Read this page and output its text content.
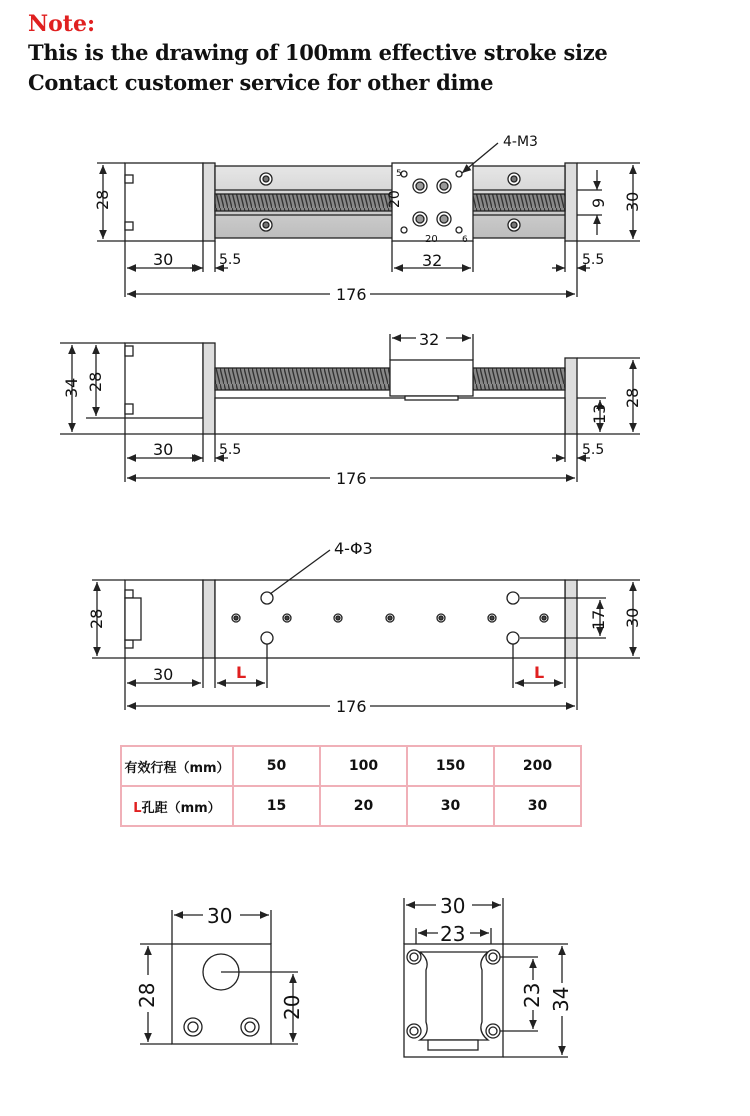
Note:
This is the drawing of 100mm effective stroke size
Contact customer service for other dime
4-M3
20
20
5
6
28	30
9
30	5.5	32	5.5
176
34 28
32
28
13
30	5.5	5.5
176
4-Φ3
28	30
17
30	L	L
176
30
28	20
30
23
23 34
有效行程（mm）	50	100	150	200
L孔距（mm）	15	20	30	30
